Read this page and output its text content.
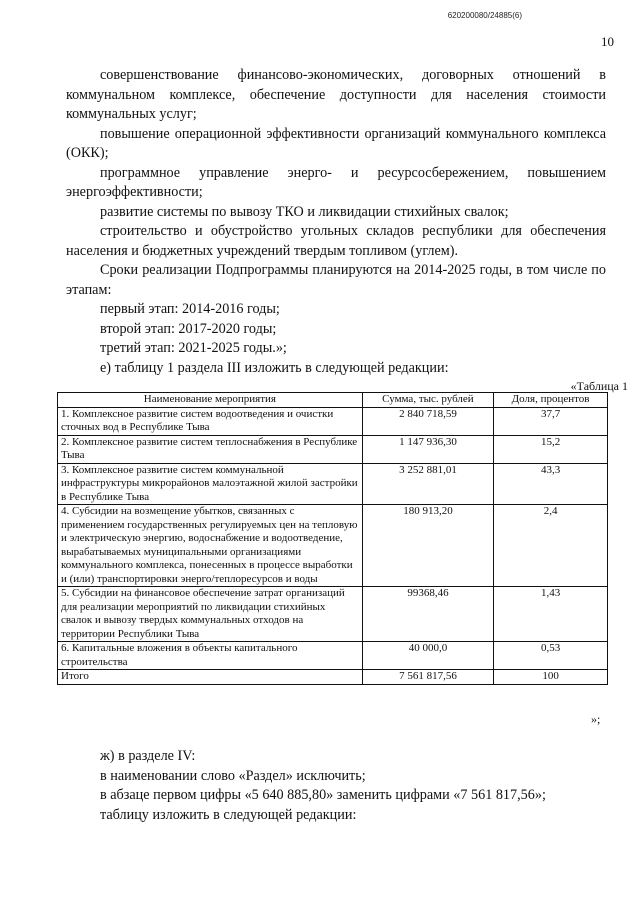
620200080/24885(6)
10

совершенствование финансово-экономических, договорных отношений в коммунальном комплексе, обеспечение доступности для населения стоимости коммунальных услуг;

повышение операционной эффективности организаций коммунального комплекса (ОКК);

программное управление энерго- и ресурсосбережением, повышением энергоэффективности;

развитие системы по вывозу ТКО и ликвидации стихийных свалок;

строительство и обустройство угольных складов республики для обеспечения населения и бюджетных учреждений твердым топливом (углем).

Сроки реализации Подпрограммы планируются на 2014-2025 годы, в том числе по этапам:

первый этап: 2014-2016 годы;

второй этап: 2017-2020 годы;

третий этап: 2021-2025 годы.»;

е) таблицу 1 раздела III изложить в следующей редакции:

«Таблица 1
Наименование мероприятия	Сумма, тыс. рублей	Доля, процентов
1. Комплексное развитие систем водоотведения и очистки сточных вод в Республике Тыва	2 840 718,59	37,7
2. Комплексное развитие систем теплоснабжения в Республике Тыва	1 147 936,30	15,2
3. Комплексное развитие систем коммунальной инфраструктуры микрорайонов малоэтажной жилой застройки в Республике Тыва	3 252 881,01	43,3
4. Субсидии на возмещение убытков, связанных с применением государственных регулируемых цен на тепловую и электрическую энергию, водоснабжение и водоотведение, вырабатываемых муниципальными организациями коммунального комплекса, понесенных в процессе выработки и (или) транспортировки энерго/теплоресурсов и воды	180 913,20	2,4
5. Субсидии на финансовое обеспечение затрат организаций для реализации мероприятий по ликвидации стихийных свалок и вывозу твердых коммунальных отходов на территории Республики Тыва	99368,46	1,43
6. Капитальные вложения в объекты капитального строительства	40 000,0	0,53
Итого	7 561 817,56	100
»;

ж) в разделе IV:

в наименовании слово «Раздел» исключить;

в абзаце первом цифры «5 640 885,80» заменить цифрами «7 561 817,56»;

таблицу изложить в следующей редакции:
